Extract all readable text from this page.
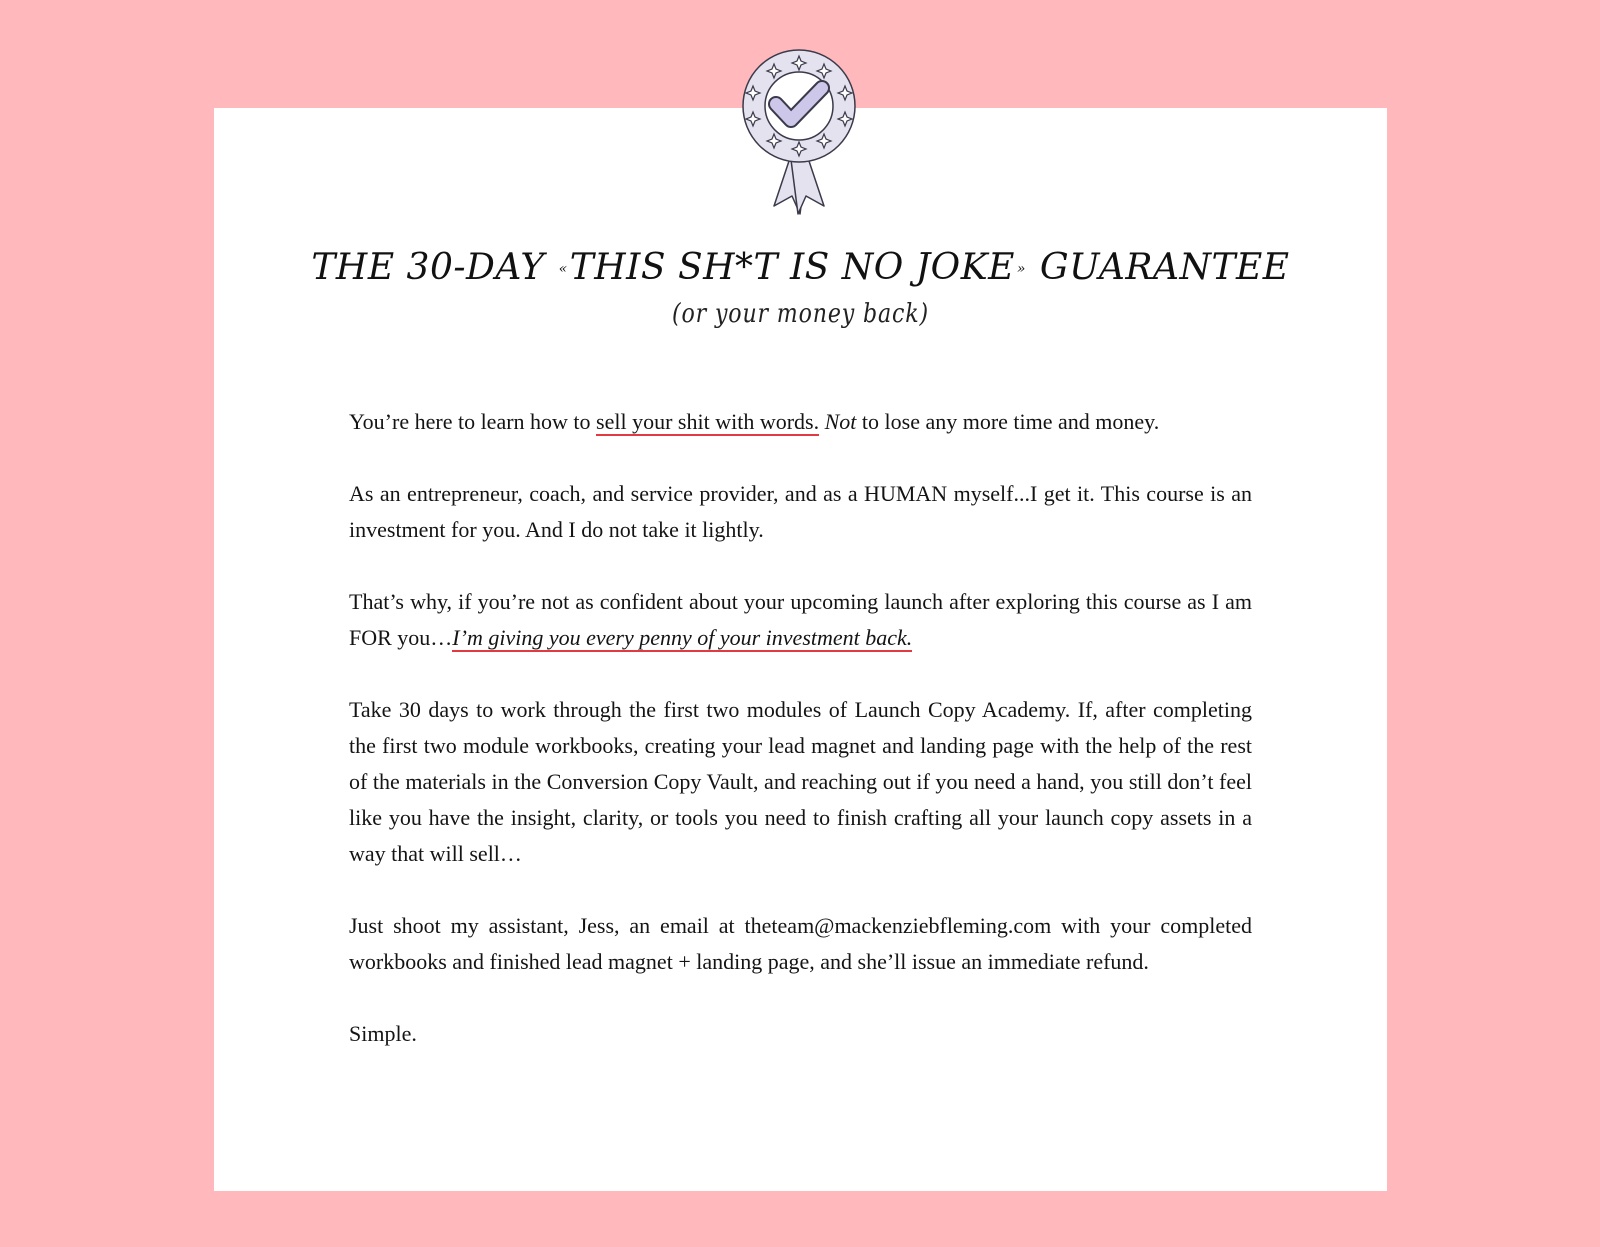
THE 30-DAY «THIS SH*T IS NO JOKE » GUARANTEE
(or your money back)

You’re here to learn how to sell your shit with words. Not to lose any more time and money.

As an entrepreneur, coach, and service provider, and as a HUMAN myself...I get it. This course is an investment for you. And I do not take it lightly.

That’s why, if you’re not as confident about your upcoming launch after exploring this course as I am FOR you…I’m giving you every penny of your investment back.

Take 30 days to work through the first two modules of Launch Copy Academy. If, after completing the first two module workbooks, creating your lead magnet and landing page with the help of the rest of the materials in the Conversion Copy Vault, and reaching out if you need a hand, you still don’t feel like you have the insight, clarity, or tools you need to finish crafting all your launch copy assets in a way that will sell…

Just shoot my assistant, Jess, an email at theteam@mackenziebfleming.com with your completed workbooks and finished lead magnet + landing page, and she’ll issue an immediate refund.

Simple.
